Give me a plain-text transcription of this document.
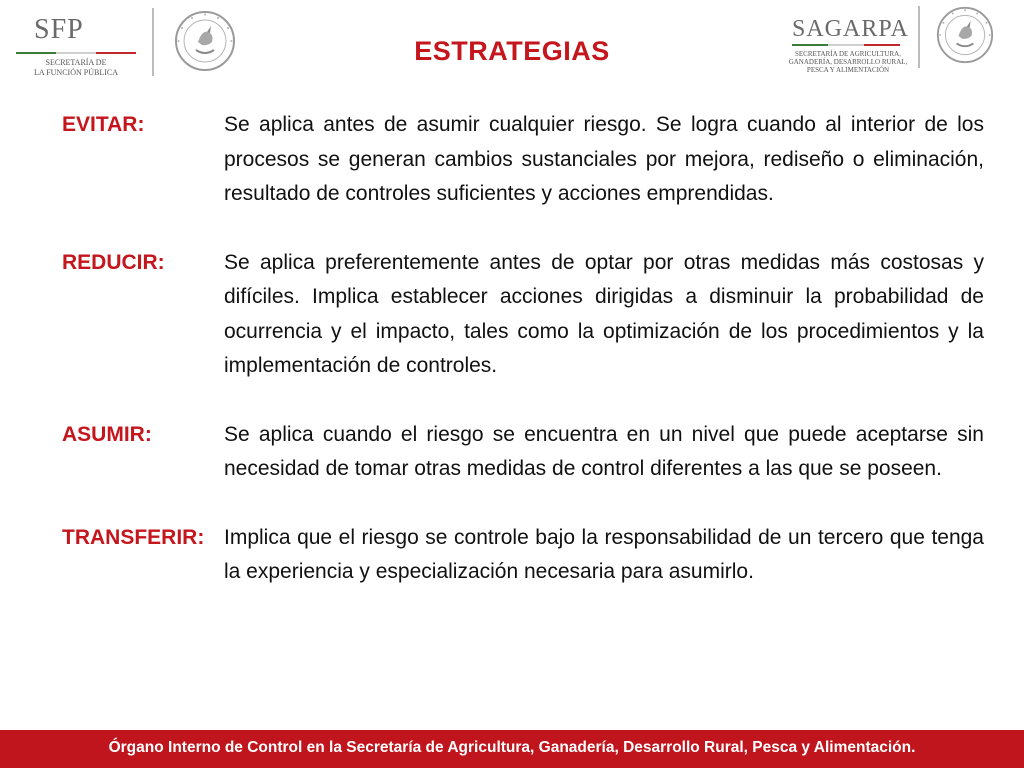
SFP
SECRETARÍA DE
LA FUNCIÓN PÚBLICA
ESTRATEGIAS
SAGARPA
SECRETARÍA DE AGRICULTURA,
GANADERÍA, DESARROLLO RURAL,
PESCA Y ALIMENTACIÓN
EVITAR:	Se aplica antes de asumir cualquier riesgo. Se logra cuando al interior de los procesos se generan cambios sustanciales por mejora, rediseño o eliminación, resultado de controles suficientes y acciones emprendidas.
REDUCIR:	Se aplica preferentemente antes de optar por otras medidas más costosas y difíciles. Implica establecer acciones dirigidas a disminuir la probabilidad de ocurrencia y el impacto, tales como la optimización de los procedimientos y la implementación de controles.
ASUMIR:	Se aplica cuando el riesgo se encuentra en un nivel que puede aceptarse sin necesidad de tomar otras medidas de control diferentes a las que se poseen.
TRANSFERIR: Implica que el riesgo se controle bajo la responsabilidad de un tercero que tenga la experiencia y especialización necesaria para asumirlo.
Órgano Interno de Control en la Secretaría de Agricultura, Ganadería, Desarrollo Rural, Pesca y Alimentación.
